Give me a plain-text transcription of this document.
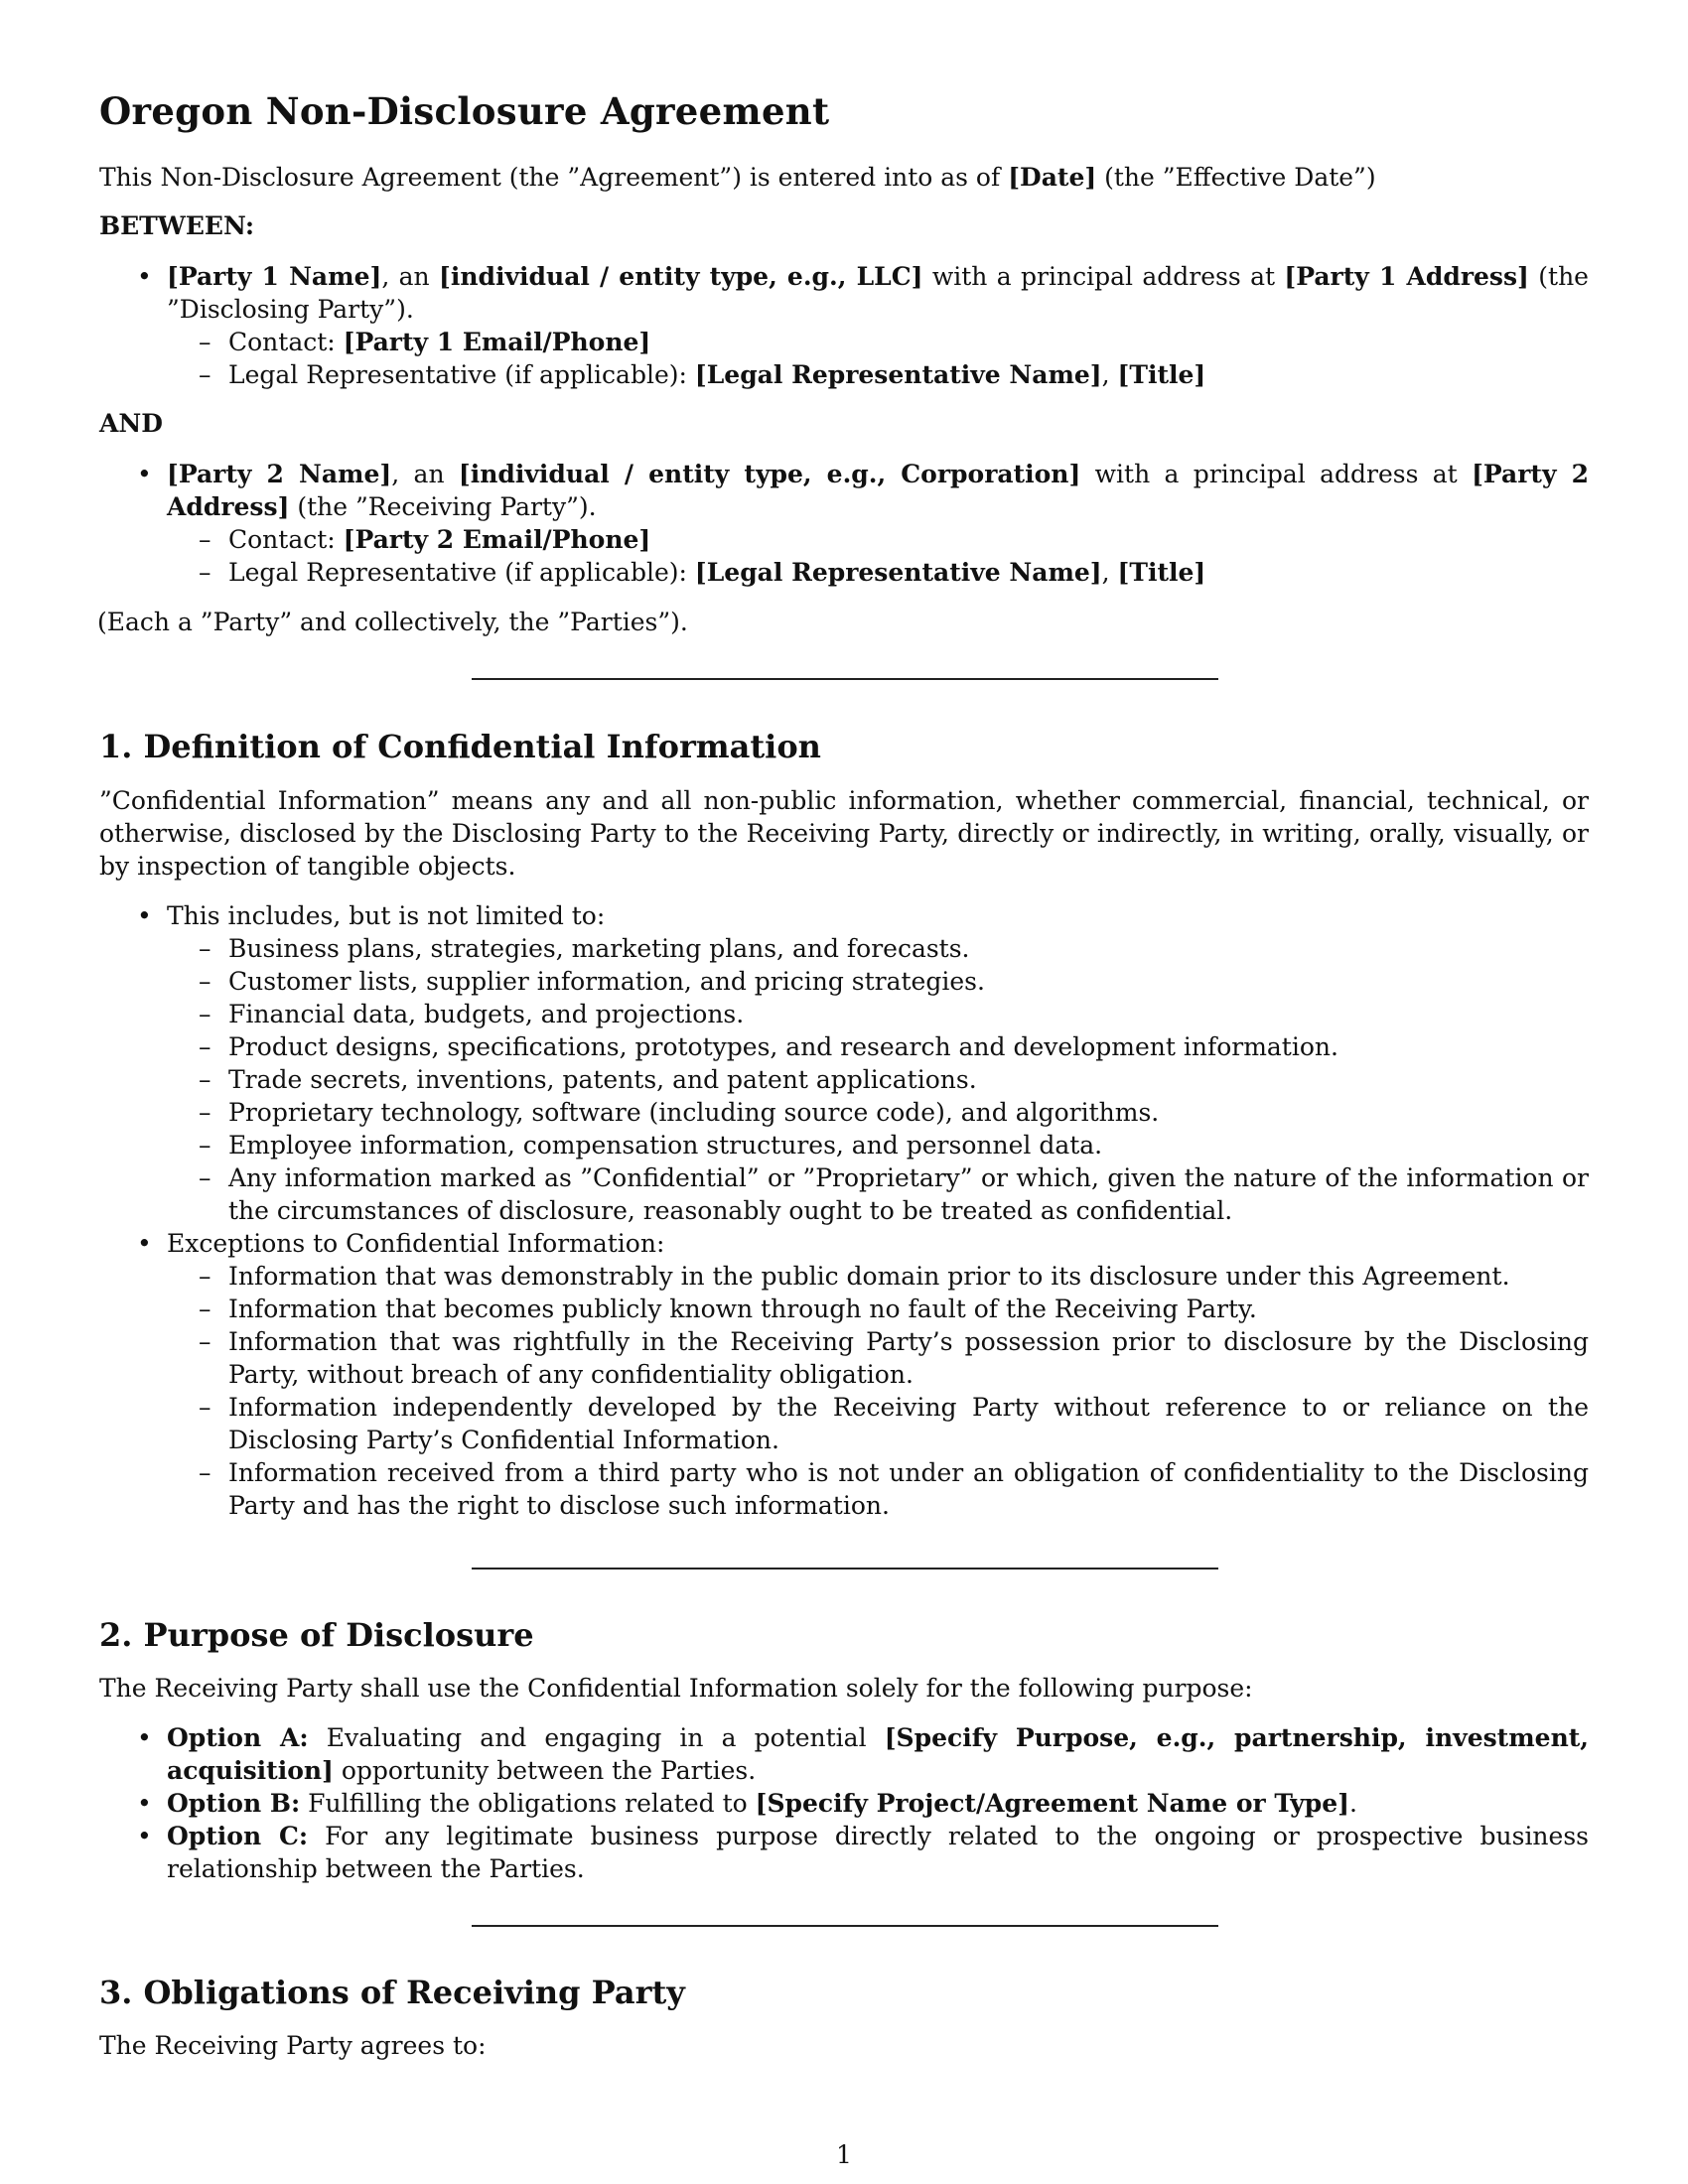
Oregon Non-Disclosure Agreement

This Non-Disclosure Agreement (the ”Agreement”) is entered into as of [Date] (the ”Effective Date”)

BETWEEN:

• [Party 1 Name], an [individual / entity type, e.g., LLC] with a principal address at [Party 1 Address] (the ”Disclosing Party”).
– Contact: [Party 1 Email/Phone]
– Legal Representative (if applicable): [Legal Representative Name], [Title]

AND

• [Party 2 Name], an [individual / entity type, e.g., Corporation] with a principal address at [Party 2 Address] (the ”Receiving Party”).
– Contact: [Party 2 Email/Phone]
– Legal Representative (if applicable): [Legal Representative Name], [Title]

(Each a ”Party” and collectively, the ”Parties”).

1. Definition of Confidential Information

”Confidential Information” means any and all non-public information, whether commercial, financial, technical, or otherwise, disclosed by the Disclosing Party to the Receiving Party, directly or indirectly, in writing, orally, visually, or by inspection of tangible objects.

• This includes, but is not limited to:
– Business plans, strategies, marketing plans, and forecasts.
– Customer lists, supplier information, and pricing strategies.
– Financial data, budgets, and projections.
– Product designs, specifications, prototypes, and research and development information.
– Trade secrets, inventions, patents, and patent applications.
– Proprietary technology, software (including source code), and algorithms.
– Employee information, compensation structures, and personnel data.
– Any information marked as ”Confidential” or ”Proprietary” or which, given the nature of the information or the circumstances of disclosure, reasonably ought to be treated as confidential.
• Exceptions to Confidential Information:
– Information that was demonstrably in the public domain prior to its disclosure under this Agreement.
– Information that becomes publicly known through no fault of the Receiving Party.
– Information that was rightfully in the Receiving Party’s possession prior to disclosure by the Disclosing Party, without breach of any confidentiality obligation.
– Information independently developed by the Receiving Party without reference to or reliance on the Disclosing Party’s Confidential Information.
– Information received from a third party who is not under an obligation of confidentiality to the Disclosing Party and has the right to disclose such information.
2. Purpose of Disclosure

The Receiving Party shall use the Confidential Information solely for the following purpose:

• Option A: Evaluating and engaging in a potential [Specify Purpose, e.g., partnership, investment, acquisition] opportunity between the Parties.
• Option B: Fulfilling the obligations related to [Specify Project/Agreement Name or Type].
• Option C: For any legitimate business purpose directly related to the ongoing or prospective business relationship between the Parties.
3. Obligations of Receiving Party

The Receiving Party agrees to:

1
